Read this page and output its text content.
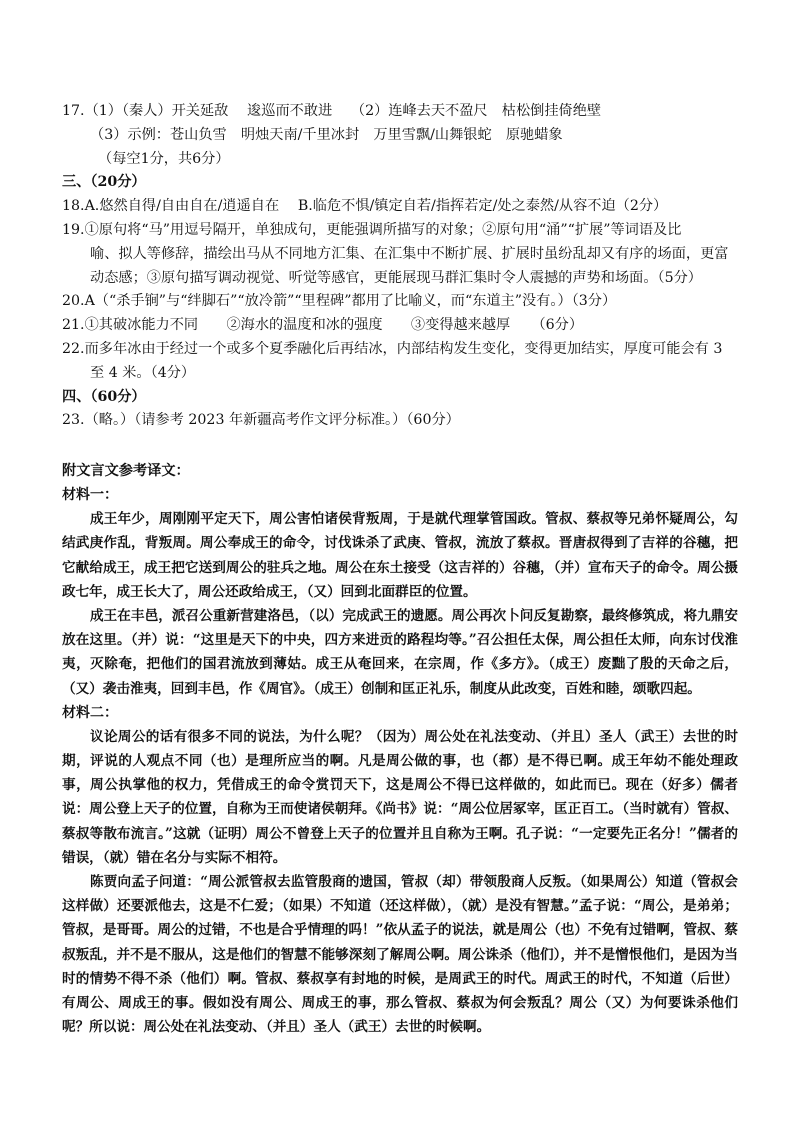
17.（1）（秦人）开关延敌　 逡巡而不敢进　 （2）连峰去天不盈尺　枯松倒挂倚绝壁
（3）示例：苍山负雪　明烛天南/千里冰封　万里雪飘/山舞银蛇　原驰蜡象
（每空1分，共6分）
三、（20分）
18.A.悠然自得/自由自在/逍遥自在　 B.临危不惧/镇定自若/指挥若定/处之泰然/从容不迫（2分）
19.①原句将“马”用逗号隔开，单独成句，更能强调所描写的对象；②原句用“涌”“扩展”等词语及比
喻、拟人等修辞，描绘出马从不同地方汇集、在汇集中不断扩展、扩展时虽纷乱却又有序的场面，更富
动态感；③原句描写调动视觉、听觉等感官，更能展现马群汇集时令人震撼的声势和场面。（5分）
20.A（“杀手锏”与“绊脚石”“放冷箭”“里程碑”都用了比喻义，而“东道主”没有。）（3分）
21.①其破冰能力不同　　②海水的温度和冰的强度　　③变得越来越厚　　（6分）
22.而多年冰由于经过一个或多个夏季融化后再结冰，内部结构发生变化，变得更加结实，厚度可能会有 3
至 4 米。（4分）
四、（60分）
23.（略。）（请参考 2023 年新疆高考作文评分标准。）（60分）
附文言文参考译文：
材料一：

成王年少，周刚刚平定天下，周公害怕诸侯背叛周，于是就代理掌管国政。管叔、蔡叔等兄弟怀疑周公，勾结武庚作乱，背叛周。周公奉成王的命令，讨伐诛杀了武庚、管叔，流放了蔡叔。晋唐叔得到了吉祥的谷穗，把它献给成王，成王把它送到周公的驻兵之地。周公在东土接受（这吉祥的）谷穗，（并）宣布天子的命令。周公摄政七年，成王长大了，周公还政给成王，（又）回到北面群臣的位置。

成王在丰邑，派召公重新营建洛邑，（以）完成武王的遗愿。周公再次卜问反复勘察，最终修筑成，将九鼎安放在这里。（并）说：“这里是天下的中央，四方来进贡的路程均等。”召公担任太保，周公担任太师，向东讨伐淮夷，灭除奄，把他们的国君流放到薄姑。成王从奄回来，在宗周，作《多方》。（成王）废黜了殷的天命之后，（又）袭击淮夷，回到丰邑，作《周官》。（成王）创制和匡正礼乐，制度从此改变，百姓和睦，颂歌四起。

材料二：

议论周公的话有很多不同的说法，为什么呢？（因为）周公处在礼法变动、（并且）圣人（武王）去世的时期，评说的人观点不同（也）是理所应当的啊。凡是周公做的事，也（都）是不得已啊。成王年幼不能处理政事，周公执掌他的权力，凭借成王的命令赏罚天下，这是周公不得已这样做的，如此而已。现在（好多）儒者说：周公登上天子的位置，自称为王而使诸侯朝拜。《尚书》说：“周公位居冢宰，匡正百工。（当时就有）管叔、蔡叔等散布流言。”这就（证明）周公不曾登上天子的位置并且自称为王啊。孔子说：“一定要先正名分！”儒者的错误，（就）错在名分与实际不相符。

陈贾向孟子问道：“周公派管叔去监管殷商的遗国，管叔（却）带领殷商人反叛。（如果周公）知道（管叔会这样做）还要派他去，这是不仁爱；（如果）不知道（还这样做），（就）是没有智慧。”孟子说：“周公，是弟弟；管叔，是哥哥。周公的过错，不也是合乎情理的吗！”依从孟子的说法，就是周公（也）不免有过错啊，管叔、蔡叔叛乱，并不是不服从，这是他们的智慧不能够深刻了解周公啊。周公诛杀（他们），并不是憎恨他们，是因为当时的情势不得不杀（他们）啊。管叔、蔡叔享有封地的时候，是周武王的时代。周武王的时代，不知道（后世）有周公、周成王的事。假如没有周公、周成王的事，那么管叔、蔡叔为何会叛乱？周公（又）为何要诛杀他们呢？所以说：周公处在礼法变动、（并且）圣人（武王）去世的时候啊。
